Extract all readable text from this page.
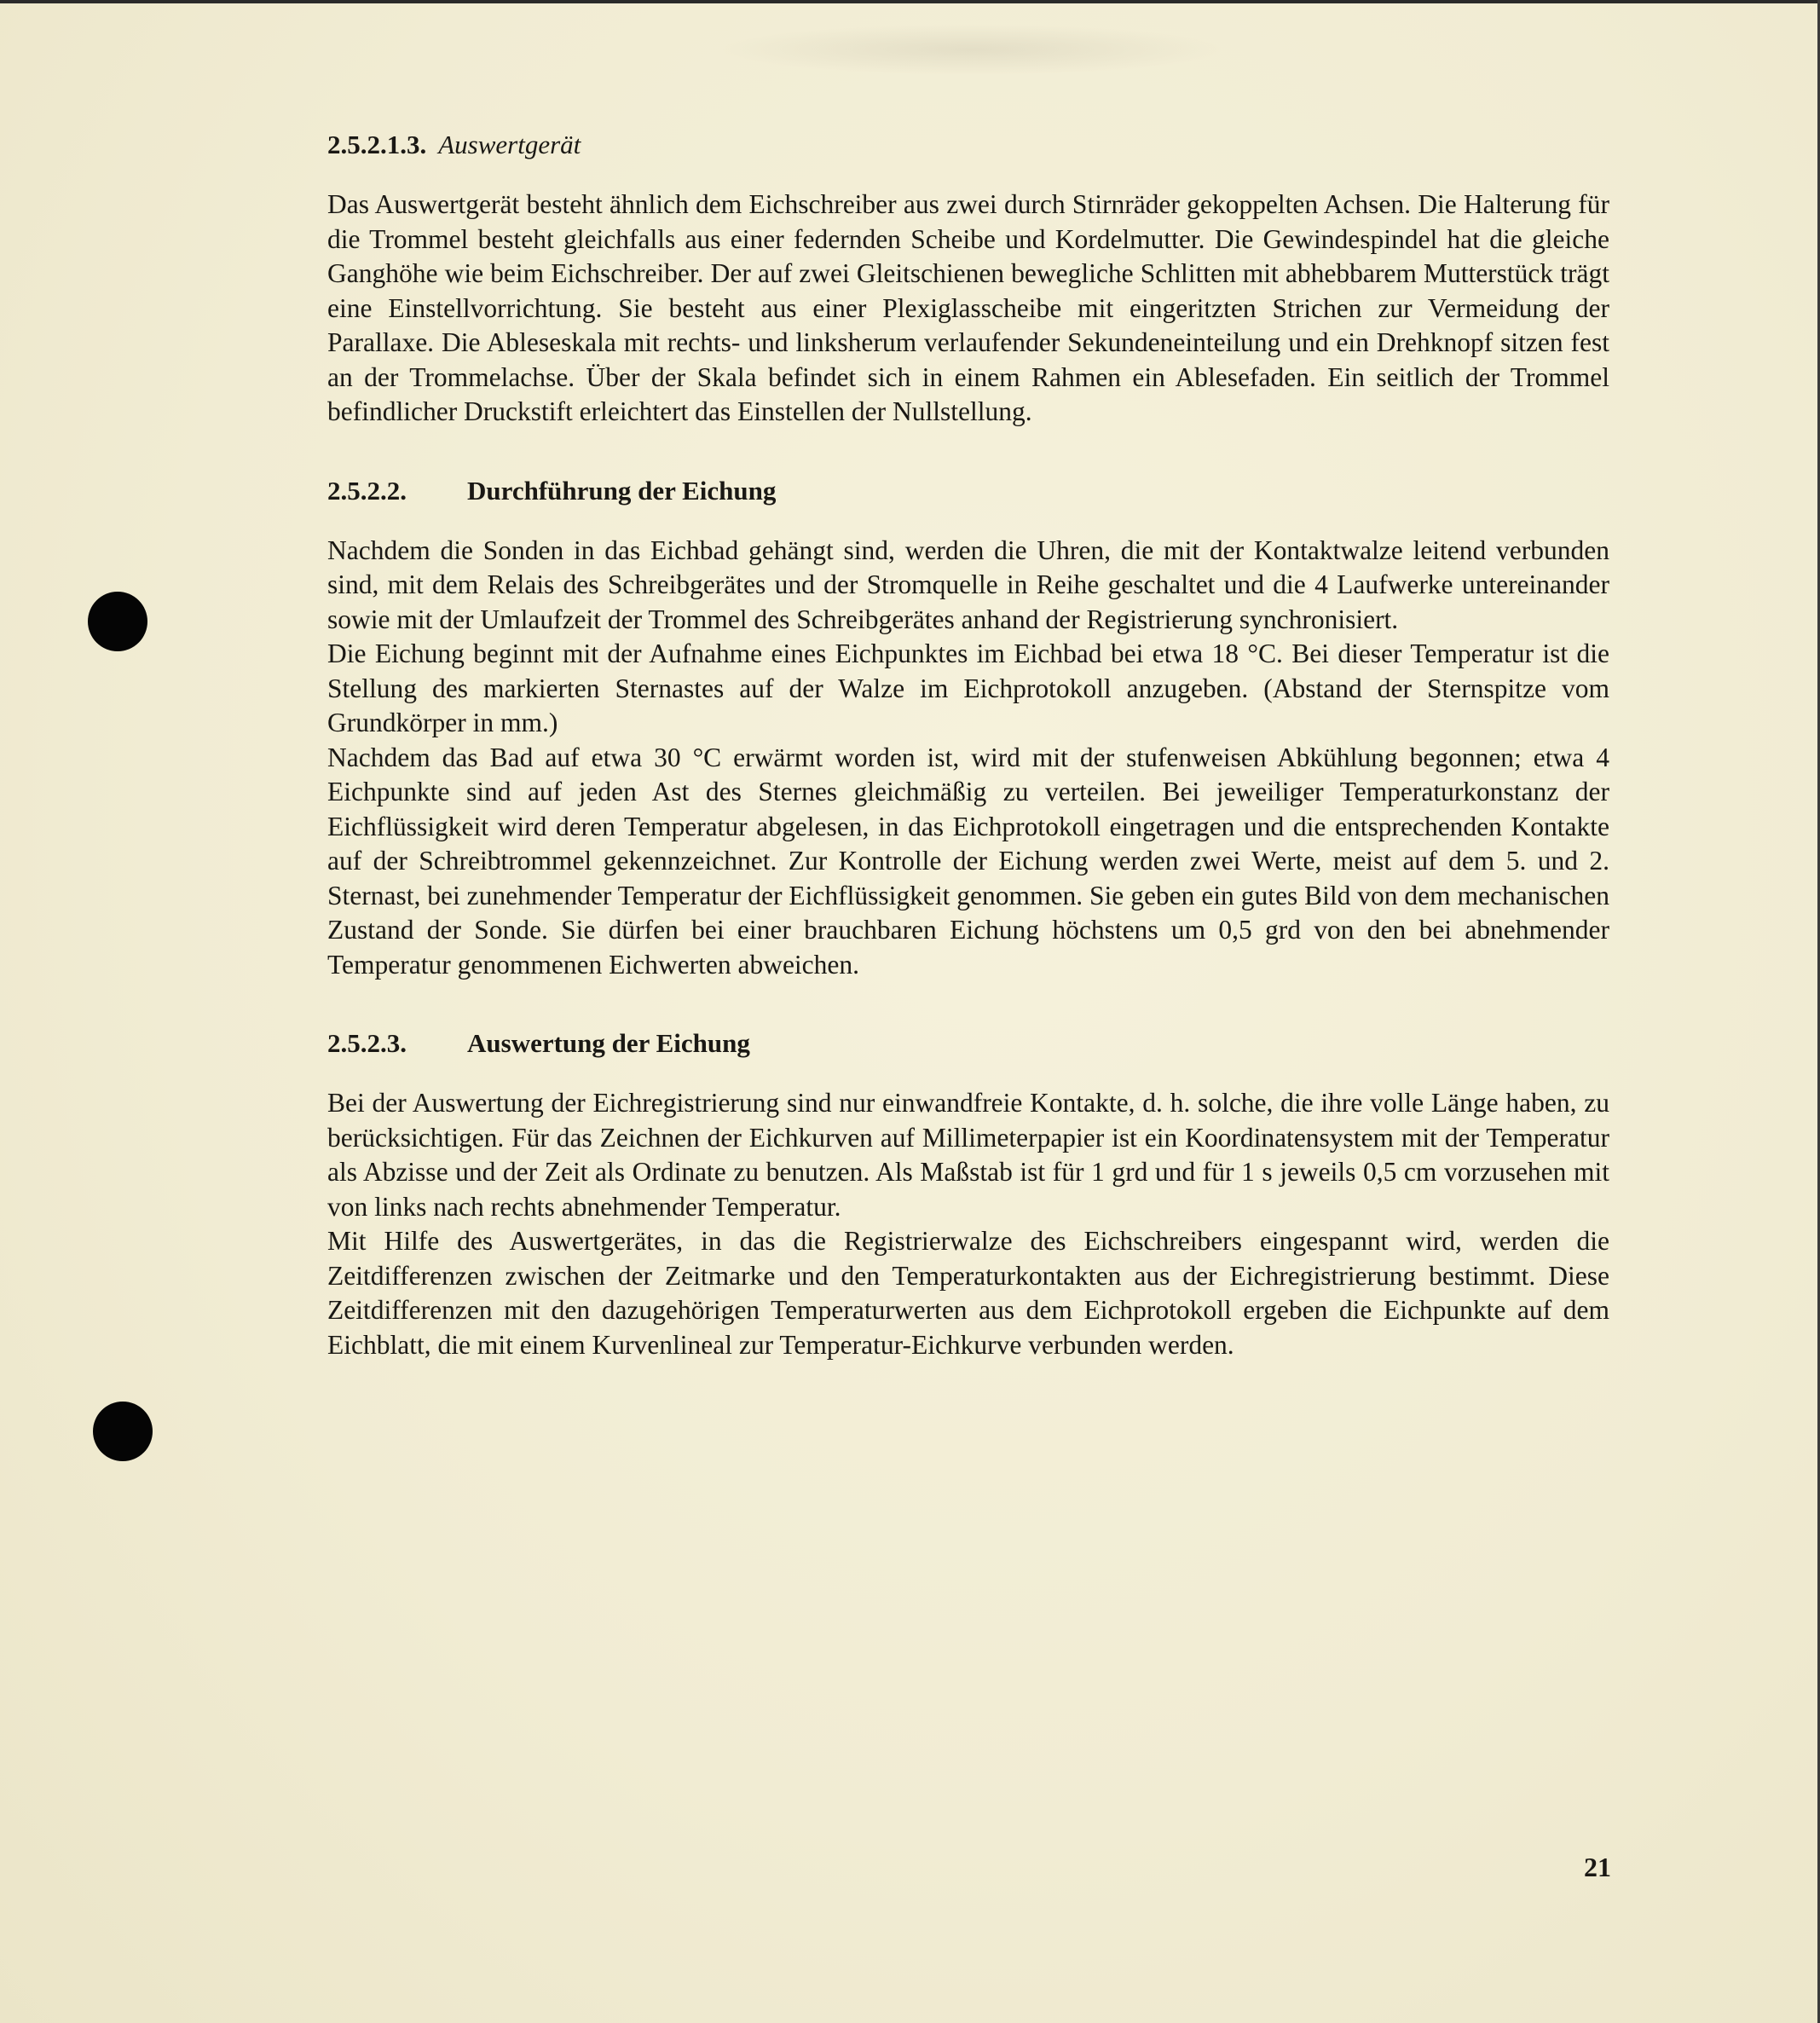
2.5.2.1.3. Auswertgerät

Das Auswertgerät besteht ähnlich dem Eichschreiber aus zwei durch Stirnräder gekoppelten Achsen. Die Halterung für die Trommel besteht gleichfalls aus einer federnden Scheibe und Kordelmutter. Die Gewindespindel hat die gleiche Ganghöhe wie beim Eichschreiber. Der auf zwei Gleitschienen bewegliche Schlitten mit abhebbarem Mutterstück trägt eine Einstellvorrichtung. Sie besteht aus einer Plexiglasscheibe mit eingeritzten Strichen zur Vermeidung der Parallaxe. Die Ableseskala mit rechts- und linksherum verlaufender Sekundeneinteilung und ein Drehknopf sitzen fest an der Trommelachse. Über der Skala befindet sich in einem Rahmen ein Ablesefaden. Ein seitlich der Trommel befindlicher Druckstift erleichtert das Einstellen der Nullstellung.

2.5.2.2.	Durchführung der Eichung

Nachdem die Sonden in das Eichbad gehängt sind, werden die Uhren, die mit der Kontaktwalze leitend verbunden sind, mit dem Relais des Schreibgerätes und der Stromquelle in Reihe geschaltet und die 4 Laufwerke untereinander sowie mit der Umlaufzeit der Trommel des Schreibgerätes anhand der Registrierung synchronisiert.

Die Eichung beginnt mit der Aufnahme eines Eichpunktes im Eichbad bei etwa 18 °C. Bei dieser Temperatur ist die Stellung des markierten Sternastes auf der Walze im Eichprotokoll anzugeben. (Abstand der Sternspitze vom Grundkörper in mm.)

Nachdem das Bad auf etwa 30 °C erwärmt worden ist, wird mit der stufenweisen Abkühlung begonnen; etwa 4 Eichpunkte sind auf jeden Ast des Sternes gleichmäßig zu verteilen. Bei jeweiliger Temperaturkonstanz der Eichflüssigkeit wird deren Temperatur abgelesen, in das Eichprotokoll eingetragen und die entsprechenden Kontakte auf der Schreibtrommel gekennzeichnet. Zur Kontrolle der Eichung werden zwei Werte, meist auf dem 5. und 2. Sternast, bei zunehmender Temperatur der Eichflüssigkeit genommen. Sie geben ein gutes Bild von dem mechanischen Zustand der Sonde. Sie dürfen bei einer brauchbaren Eichung höchstens um 0,5 grd von den bei abnehmender Temperatur genommenen Eichwerten abweichen.

2.5.2.3.	Auswertung der Eichung

Bei der Auswertung der Eichregistrierung sind nur einwandfreie Kontakte, d. h. solche, die ihre volle Länge haben, zu berücksichtigen. Für das Zeichnen der Eichkurven auf Millimeterpapier ist ein Koordinatensystem mit der Temperatur als Abzisse und der Zeit als Ordinate zu benutzen. Als Maßstab ist für 1 grd und für 1 s jeweils 0,5 cm vorzusehen mit von links nach rechts abnehmender Temperatur.

Mit Hilfe des Auswertgerätes, in das die Registrierwalze des Eichschreibers eingespannt wird, werden die Zeitdifferenzen zwischen der Zeitmarke und den Temperaturkontakten aus der Eichregistrierung bestimmt. Diese Zeitdifferenzen mit den dazugehörigen Temperaturwerten aus dem Eichprotokoll ergeben die Eichpunkte auf dem Eichblatt, die mit einem Kurvenlineal zur Temperatur-Eichkurve verbunden werden.

21
